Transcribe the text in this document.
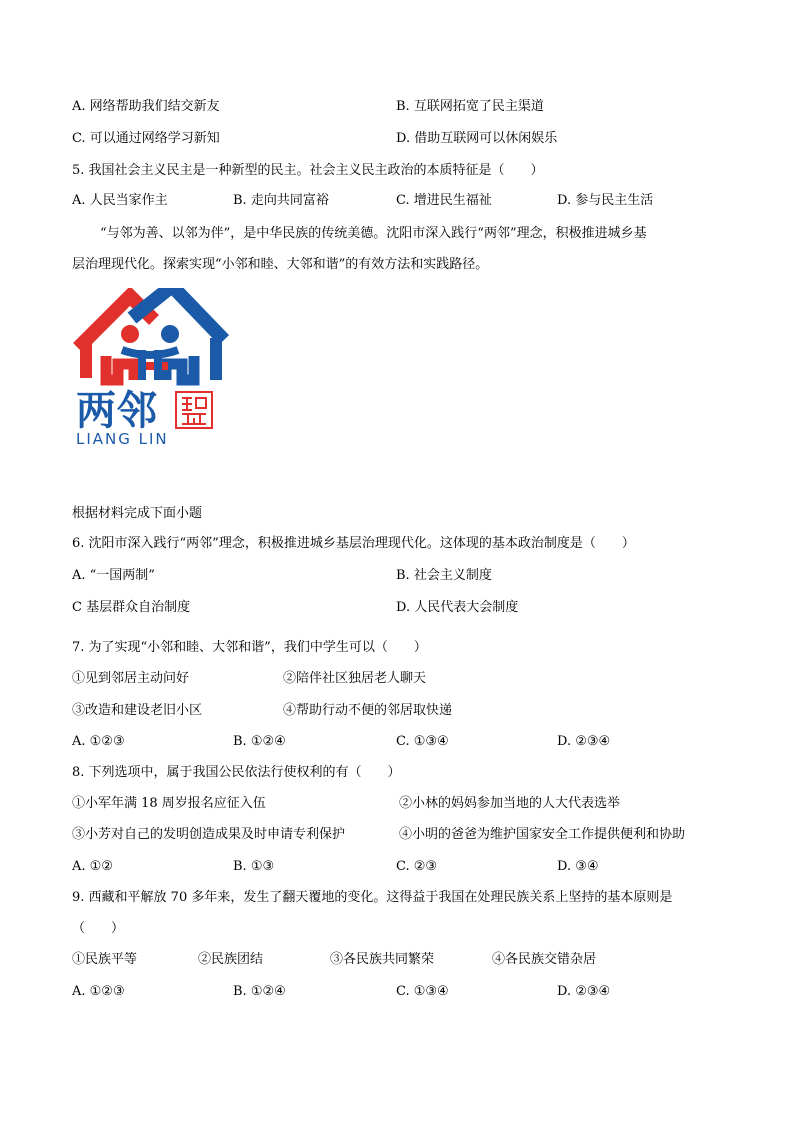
A. 网络帮助我们结交新友	B. 互联网拓宽了民主渠道
C. 可以通过网络学习新知	D. 借助互联网可以休闲娱乐
5. 我国社会主义民主是一种新型的民主。社会主义民主政治的本质特征是（　　）
A. 人民当家作主	B. 走向共同富裕	C. 增进民生福祉	D. 参与民主生活
“与邻为善、以邻为伴”，是中华民族的传统美德。沈阳市深入践行“两邻”理念，积极推进城乡基
层治理现代化。探索实现“小邻和睦、大邻和谐”的有效方法和实践路径。
两邻
LIANG LIN
根据材料完成下面小题
6. 沈阳市深入践行“两邻”理念，积极推进城乡基层治理现代化。这体现的基本政治制度是（　　）
A. “一国两制”	B. 社会主义制度
C 基层群众自治制度	D. 人民代表大会制度
7. 为了实现“小邻和睦、大邻和谐”，我们中学生可以（　　）
①见到邻居主动问好	②陪伴社区独居老人聊天
③改造和建设老旧小区	④帮助行动不便的邻居取快递
A. ①②③	B. ①②④	C. ①③④	D. ②③④
8. 下列选项中，属于我国公民依法行使权利的有（　　）
①小军年满 18 周岁报名应征入伍	②小林的妈妈参加当地的人大代表选举
③小芳对自己的发明创造成果及时申请专利保护	④小明的爸爸为维护国家安全工作提供便利和协助
A. ①②	B. ①③	C. ②③	D. ③④
9. 西藏和平解放 70 多年来，发生了翻天覆地的变化。这得益于我国在处理民族关系上坚持的基本原则是
（　　）
①民族平等	②民族团结	③各民族共同繁荣	④各民族交错杂居
A. ①②③	B. ①②④	C. ①③④	D. ②③④
